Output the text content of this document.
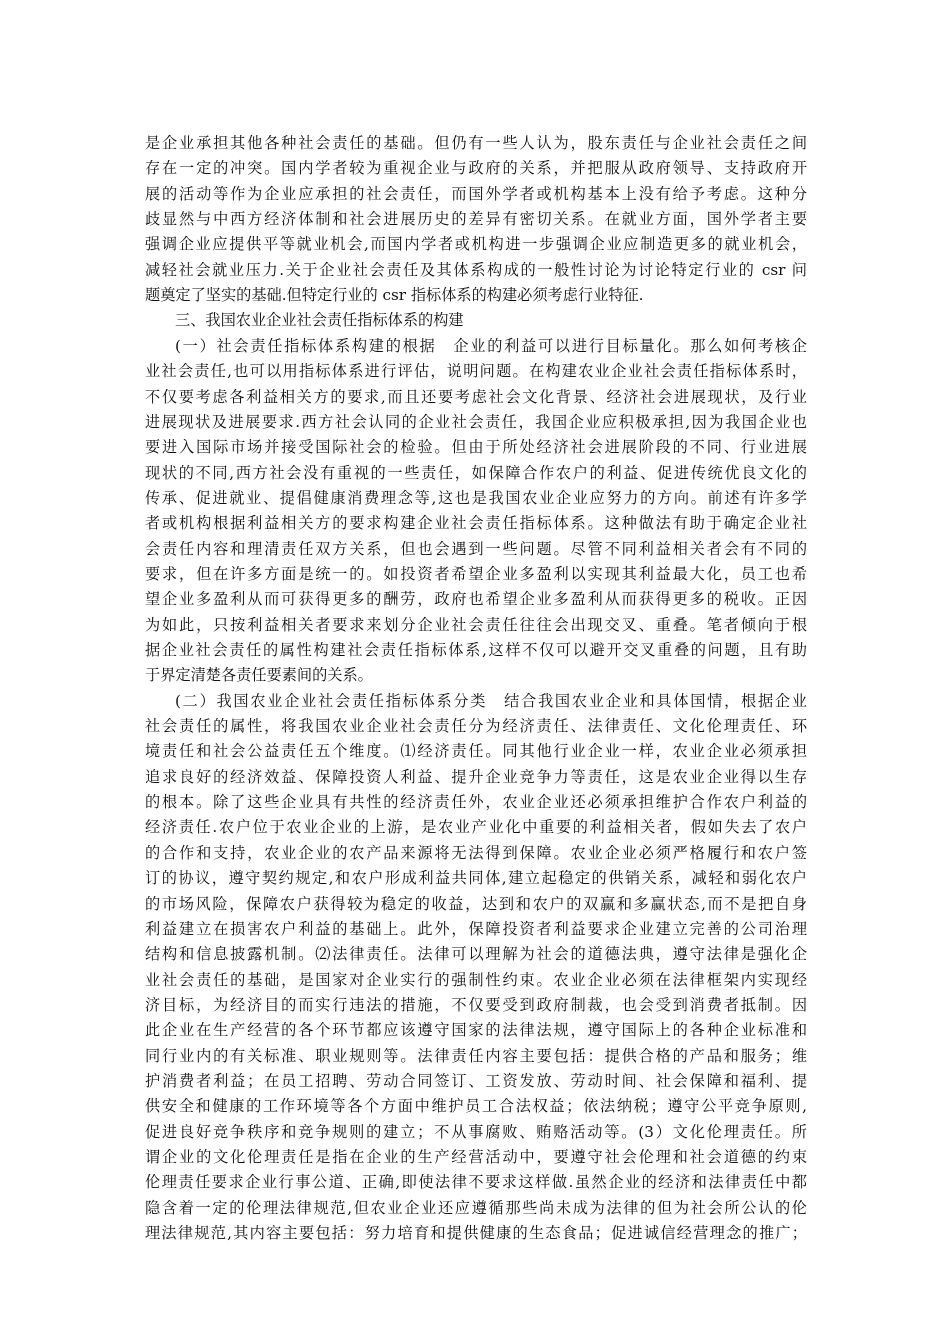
是企业承担其他各种社会责任的基础。但仍有一些人认为，股东责任与企业社会责任之间
存在一定的冲突。国内学者较为重视企业与政府的关系，并把服从政府领导、支持政府开
展的活动等作为企业应承担的社会责任，而国外学者或机构基本上没有给予考虑。这种分
歧显然与中西方经济体制和社会进展历史的差异有密切关系。在就业方面，国外学者主要
强调企业应提供平等就业机会,而国内学者或机构进一步强调企业应制造更多的就业机会，
减轻社会就业压力.关于企业社会责任及其体系构成的一般性讨论为讨论特定行业的 csr 问
题奠定了坚实的基础.但特定行业的 csr 指标体系的构建必须考虑行业特征.
三、我国农业企业社会责任指标体系的构建
(一）社会责任指标体系构建的根据　企业的利益可以进行目标量化。那么如何考核企
业社会责任,也可以用指标体系进行评估，说明问题。在构建农业企业社会责任指标体系时，
不仅要考虑各利益相关方的要求,而且还要考虑社会文化背景、经济社会进展现状，及行业
进展现状及进展要求.西方社会认同的企业社会责任，我国企业应积极承担,因为我国企业也
要进入国际市场并接受国际社会的检验。但由于所处经济社会进展阶段的不同、行业进展
现状的不同,西方社会没有重视的一些责任，如保障合作农户的利益、促进传统优良文化的
传承、促进就业、提倡健康消费理念等,这也是我国农业企业应努力的方向。前述有许多学
者或机构根据利益相关方的要求构建企业社会责任指标体系。这种做法有助于确定企业社
会责任内容和理清责任双方关系，但也会遇到一些问题。尽管不同利益相关者会有不同的
要求，但在许多方面是统一的。如投资者希望企业多盈利以实现其利益最大化，员工也希
望企业多盈利从而可获得更多的酬劳，政府也希望企业多盈利从而获得更多的税收。正因
为如此，只按利益相关者要求来划分企业社会责任往往会出现交叉、重叠。笔者倾向于根
据企业社会责任的属性构建社会责任指标体系,这样不仅可以避开交叉重叠的问题，且有助
于界定清楚各责任要素间的关系。
(二）我国农业企业社会责任指标体系分类　结合我国农业企业和具体国情，根据企业
社会责任的属性，将我国农业企业社会责任分为经济责任、法律责任、文化伦理责任、环
境责任和社会公益责任五个维度。⑴经济责任。同其他行业企业一样，农业企业必须承担
追求良好的经济效益、保障投资人利益、提升企业竞争力等责任，这是农业企业得以生存
的根本。除了这些企业具有共性的经济责任外，农业企业还必须承担维护合作农户利益的
经济责任.农户位于农业企业的上游，是农业产业化中重要的利益相关者，假如失去了农户
的合作和支持，农业企业的农产品来源将无法得到保障。农业企业必须严格履行和农户签
订的协议，遵守契约规定,和农户形成利益共同体,建立起稳定的供销关系，减轻和弱化农户
的市场风险，保障农户获得较为稳定的收益，达到和农户的双赢和多赢状态,而不是把自身
利益建立在损害农户利益的基础上。此外，保障投资者利益要求企业建立完善的公司治理
结构和信息披露机制。⑵法律责任。法律可以理解为社会的道德法典，遵守法律是强化企
业社会责任的基础，是国家对企业实行的强制性约束。农业企业必须在法律框架内实现经
济目标，为经济目的而实行违法的措施，不仅要受到政府制裁，也会受到消费者抵制。因
此企业在生产经营的各个环节都应该遵守国家的法律法规，遵守国际上的各种企业标准和
同行业内的有关标准、职业规则等。法律责任内容主要包括：提供合格的产品和服务；维
护消费者利益；在员工招聘、劳动合同签订、工资发放、劳动时间、社会保障和福利、提
供安全和健康的工作环境等各个方面中维护员工合法权益；依法纳税；遵守公平竞争原则,
促进良好竞争秩序和竞争规则的建立；不从事腐败、贿赂活动等。(3）文化伦理责任。所
谓企业的文化伦理责任是指在企业的生产经营活动中，要遵守社会伦理和社会道德的约束
伦理责任要求企业行事公道、正确,即使法律不要求这样做.虽然企业的经济和法律责任中都
隐含着一定的伦理法律规范,但农业企业还应遵循那些尚未成为法律的但为社会所公认的伦
理法律规范,其内容主要包括：努力培育和提供健康的生态食品；促进诚信经营理念的推广；
